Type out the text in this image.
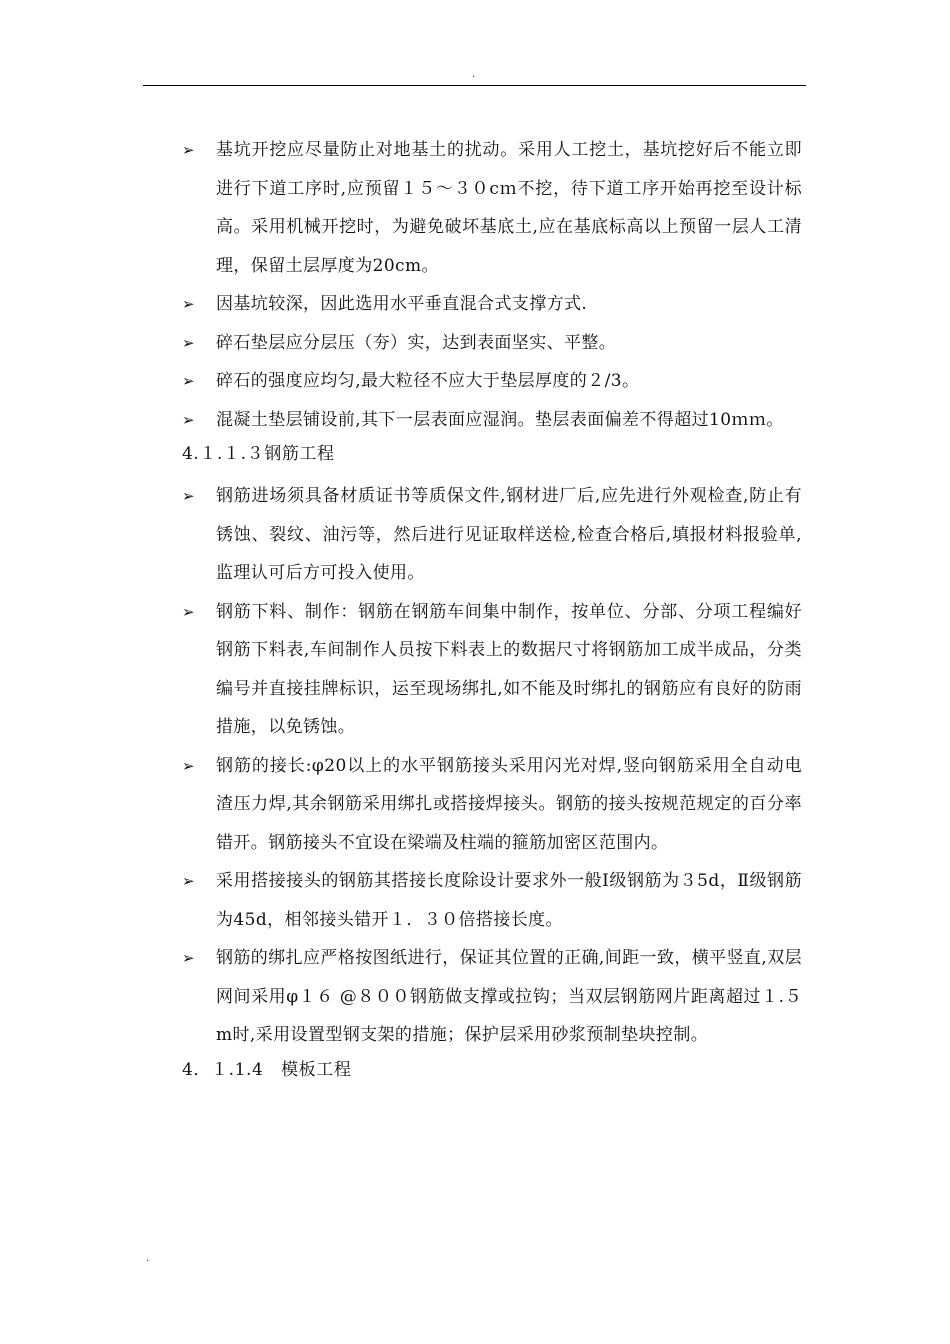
.
➢	基坑开挖应尽量防止对地基土的扰动。采用人工挖土，基坑挖好后不能立即进行下道工序时,应预留１５～３０cｍ不挖，待下道工序开始再挖至设计标高。采用机械开挖时，为避免破坏基底土,应在基底标高以上预留一层人工清理，保留土层厚度为20cm。
➢	因基坑较深，因此选用水平垂直混合式支撑方式.
➢	碎石垫层应分层压（夯）实，达到表面坚实、平整。
➢	碎石的强度应均匀,最大粒径不应大于垫层厚度的２/3。
➢	混凝土垫层铺设前,其下一层表面应湿润。垫层表面偏差不得超过10ｍｍ。

4.１.１.３钢筋工程

➢	钢筋进场须具备材质证书等质保文件,钢材进厂后,应先进行外观检查,防止有锈蚀、裂纹、油污等，然后进行见证取样送检,检查合格后,填报材料报验单,监理认可后方可投入使用。
➢	钢筋下料、制作：钢筋在钢筋车间集中制作，按单位、分部、分项工程编好钢筋下料表,车间制作人员按下料表上的数据尺寸将钢筋加工成半成品，分类编号并直接挂牌标识，运至现场绑扎,如不能及时绑扎的钢筋应有良好的防雨措施，以免锈蚀。
➢	钢筋的接长:φ20以上的水平钢筋接头采用闪光对焊,竖向钢筋采用全自动电渣压力焊,其余钢筋采用绑扎或搭接焊接头。钢筋的接头按规范规定的百分率错开。钢筋接头不宜设在梁端及柱端的箍筋加密区范围内。
➢	采用搭接接头的钢筋其搭接长度除设计要求外一般Ⅰ级钢筋为３5d，Ⅱ级钢筋为45d，相邻接头错开１．３０倍搭接长度。
➢	钢筋的绑扎应严格按图纸进行，保证其位置的正确,间距一致，横平竖直,双层网间采用φ１６ @８００钢筋做支撑或拉钩；当双层钢筋网片距离超过１.５m时,采用设置型钢支架的措施；保护层采用砂浆预制垫块控制。

4．１.1.4　模板工程

.
